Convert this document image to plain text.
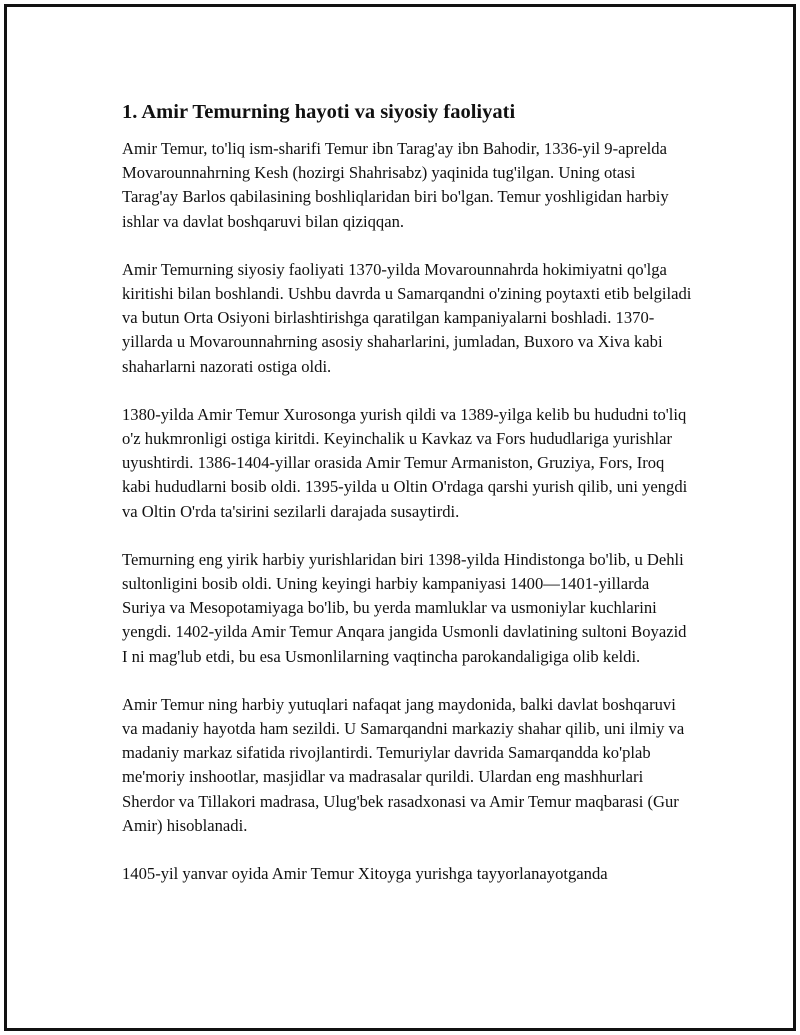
1. Amir Temurning hayoti va siyosiy faoliyati

Amir Temur, to'liq ism-sharifi Temur ibn Tarag'ay ibn Bahodir, 1336-yil 9-aprelda Movarounnahrning Kesh (hozirgi Shahrisabz) yaqinida tug'ilgan. Uning otasi Tarag'ay Barlos qabilasining boshliqlaridan biri bo'lgan. Temur yoshligidan harbiy ishlar va davlat boshqaruvi bilan qiziqqan.

Amir Temurning siyosiy faoliyati 1370-yilda Movarounnahrda hokimiyatni qo'lga kiritishi bilan boshlandi. Ushbu davrda u Samarqandni o'zining poytaxti etib belgiladi va butun Orta Osiyoni birlashtirishga qaratilgan kampaniyalarni boshladi. 1370-yillarda u Movarounnahrning asosiy shaharlarini, jumladan, Buxoro va Xiva kabi shaharlarni nazorati ostiga oldi.

1380-yilda Amir Temur Xurosonga yurish qildi va 1389-yilga kelib bu hududni to'liq o'z hukmronligi ostiga kiritdi. Keyinchalik u Kavkaz va Fors hududlariga yurishlar uyushtirdi. 1386-1404-yillar orasida Amir Temur Armaniston, Gruziya, Fors, Iroq kabi hududlarni bosib oldi. 1395-yilda u Oltin O'rdaga qarshi yurish qilib, uni yengdi va Oltin O'rda ta'sirini sezilarli darajada susaytirdi.

Temurning eng yirik harbiy yurishlaridan biri 1398-yilda Hindistonga bo'lib, u Dehli sultonligini bosib oldi. Uning keyingi harbiy kampaniyasi 1400—1401-yillarda Suriya va Mesopotamiyaga bo'lib, bu yerda mamluklar va usmoniylar kuchlarini yengdi. 1402-yilda Amir Temur Anqara jangida Usmonli davlatining sultoni Boyazid I ni mag'lub etdi, bu esa Usmonlilarning vaqtincha parokandaligiga olib keldi.

Amir Temur ning harbiy yutuqlari nafaqat jang maydonida, balki davlat boshqaruvi va madaniy hayotda ham sezildi. U Samarqandni markaziy shahar qilib, uni ilmiy va madaniy markaz sifatida rivojlantirdi. Temuriylar davrida Samarqandda ko'plab me'moriy inshootlar, masjidlar va madrasalar qurildi. Ulardan eng mashhurlari Sherdor va Tillakori madrasa, Ulug'bek rasadxonasi va Amir Temur maqbarasi (Gur Amir) hisoblanadi.

1405-yil yanvar oyida Amir Temur Xitoyga yurishga tayyorlanayotganda
